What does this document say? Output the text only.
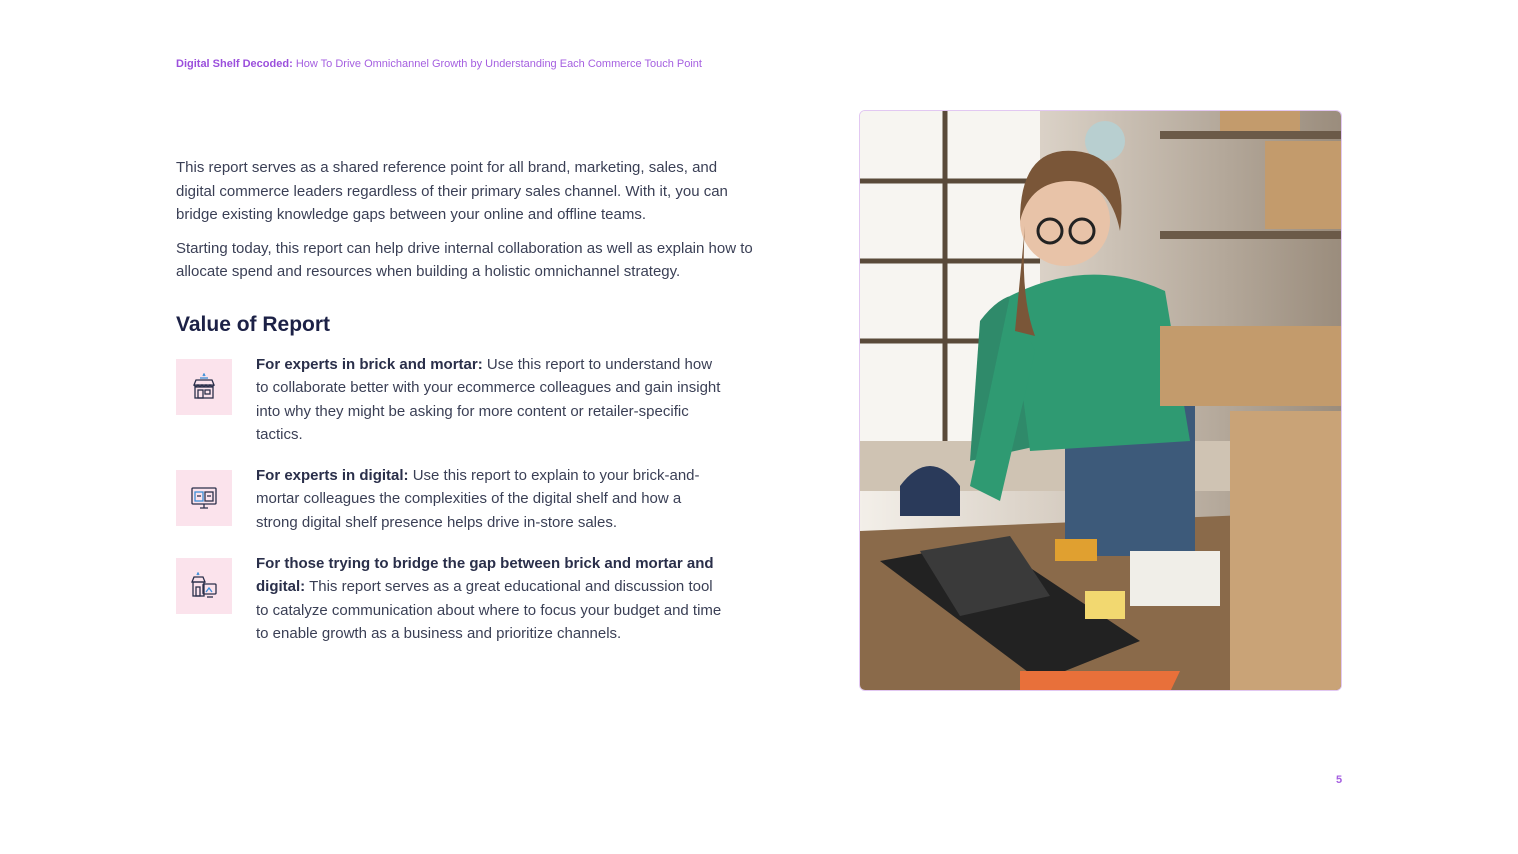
Digital Shelf Decoded: How To Drive Omnichannel Growth by Understanding Each Commerce Touch Point

This report serves as a shared reference point for all brand, marketing, sales, and digital commerce leaders regardless of their primary sales channel. With it, you can bridge existing knowledge gaps between your online and offline teams.

Starting today, this report can help drive internal collaboration as well as explain how to allocate spend and resources when building a holistic omnichannel strategy.

Value of Report
For experts in brick and mortar: Use this report to understand how to collaborate better with your ecommerce colleagues and gain insight into why they might be asking for more content or retailer-specific tactics.
For experts in digital: Use this report to explain to your brick-and-mortar colleagues the complexities of the digital shelf and how a strong digital shelf presence helps drive in-store sales.
For those trying to bridge the gap between brick and mortar and digital: This report serves as a great educational and discussion tool to catalyze communication about where to focus your budget and time to enable growth as a business and prioritize channels.
5
